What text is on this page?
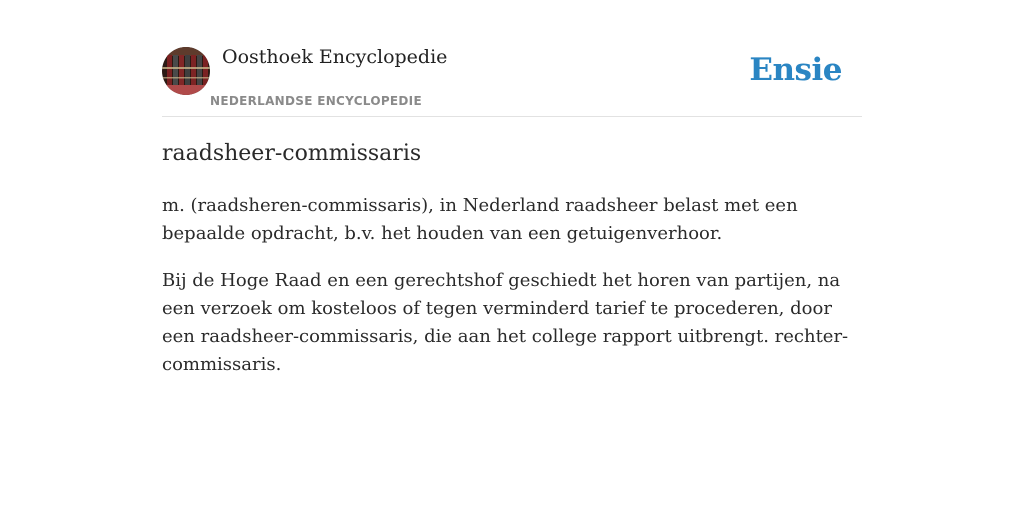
Oosthoek Encyclopedie
NEDERLANDSE ENCYCLOPEDIE
Ensie
raadsheer-commissaris

m. (raadsheren-commissaris), in Nederland raadsheer belast met een bepaalde opdracht, b.v. het houden van een getuigenverhoor.

Bij de Hoge Raad en een gerechtshof geschiedt het horen van partijen, na een verzoek om kosteloos of tegen verminderd tarief te procederen, door een raadsheer-commissaris, die aan het college rapport uitbrengt. rechter-commissaris.
